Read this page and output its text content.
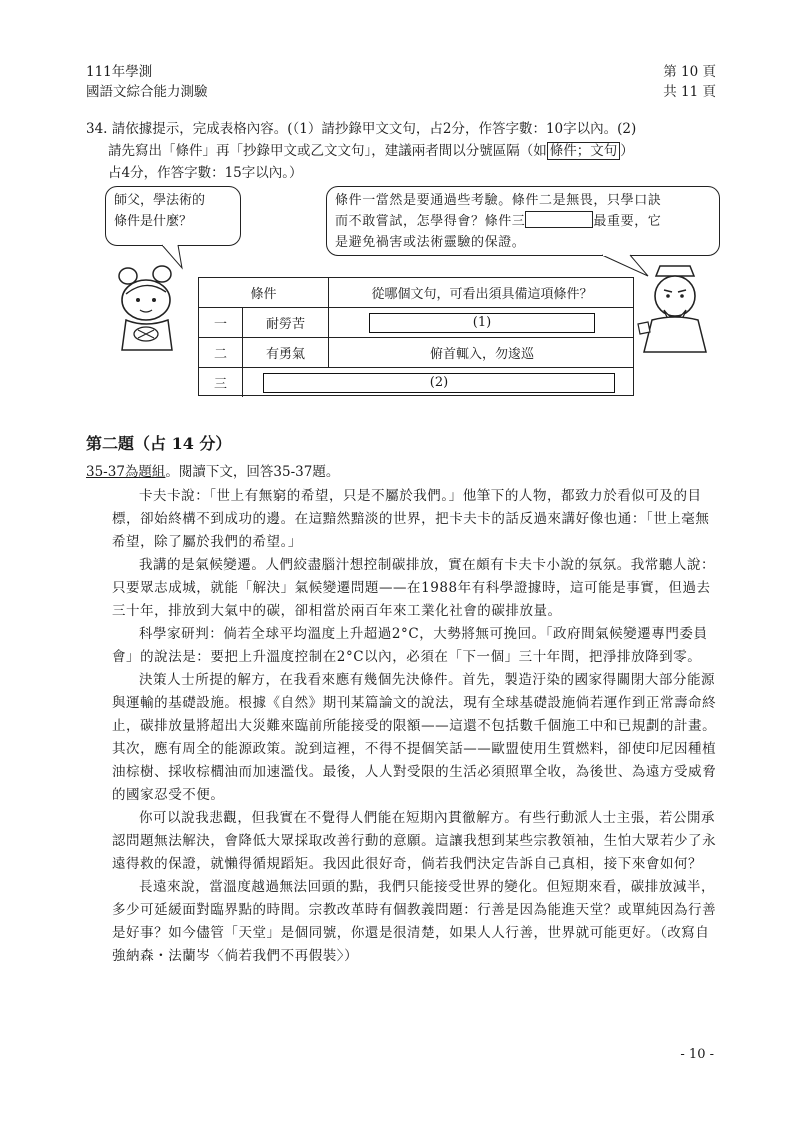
111年學測
國語文綜合能力測驗
第 10 頁
共 11 頁
34. 請依據提示，完成表格內容。(（1）請抄錄甲文文句，占2分，作答字數：10字以內。(2)
請先寫出「條件」再「抄錄甲文或乙文文句」，建議兩者間以分號區隔（如 條件；文句 ）
占4分，作答字數：15字以內。）
師父，學法術的
條件是什麼？
條件一當然是要通過些考驗。條件二是無畏，只學口訣
而不敢嘗試，怎學得會？條件三	最重要，它
是避免禍害或法術靈驗的保證。
條件	從哪個文句，可看出須具備這項條件？
一	耐勞苦	(1)
二	有勇氣	俯首輒入，勿逡巡
三	(2)
第二題（占 14 分）
35-37為題組。閱讀下文，回答35-37題。

卡夫卡說：「世上有無窮的希望，只是不屬於我們。」他筆下的人物，都致力於看似可及的目標，卻始終構不到成功的邊。在這黯然黯淡的世界，把卡夫卡的話反過來講好像也通：「世上毫無希望，除了屬於我們的希望。」

我講的是氣候變遷。人們絞盡腦汁想控制碳排放，實在頗有卡夫卡小說的氛氛。我常聽人說：只要眾志成城，就能「解決」氣候變遷問題——在1988年有科學證據時，這可能是事實，但過去三十年，排放到大氣中的碳，卻相當於兩百年來工業化社會的碳排放量。

科學家研判：倘若全球平均溫度上升超過2°C，大勢將無可挽回。「政府間氣候變遷專門委員會」的說法是：要把上升溫度控制在2°C以內，必須在「下一個」三十年間，把淨排放降到零。

決策人士所提的解方，在我看來應有幾個先決條件。首先，製造汙染的國家得關閉大部分能源與運輸的基礎設施。根據《自然》期刊某篇論文的說法，現有全球基礎設施倘若運作到正常壽命終止，碳排放量將超出大災難來臨前所能接受的限額——這還不包括數千個施工中和已規劃的計畫。其次，應有周全的能源政策。說到這裡，不得不提個笑話——歐盟使用生質燃料，卻使印尼因種植油棕樹、採收棕櫚油而加速濫伐。最後，人人對受限的生活必須照單全收，為後世、為遠方受威脅的國家忍受不便。

你可以說我悲觀，但我實在不覺得人們能在短期內貫徹解方。有些行動派人士主張，若公開承認問題無法解決，會降低大眾採取改善行動的意願。這讓我想到某些宗教領袖，生怕大眾若少了永遠得救的保證，就懶得循規蹈矩。我因此很好奇，倘若我們決定告訴自己真相，接下來會如何？

長遠來說，當溫度越過無法回頭的點，我們只能接受世界的變化。但短期來看，碳排放減半，多少可延緩面對臨界點的時間。宗教改革時有個教義問題：行善是因為能進天堂？或單純因為行善是好事？如今儘管「天堂」是個同號，你還是很清楚，如果人人行善，世界就可能更好。（改寫自強納森・法蘭岑〈倘若我們不再假裝〉）

- 10 -
